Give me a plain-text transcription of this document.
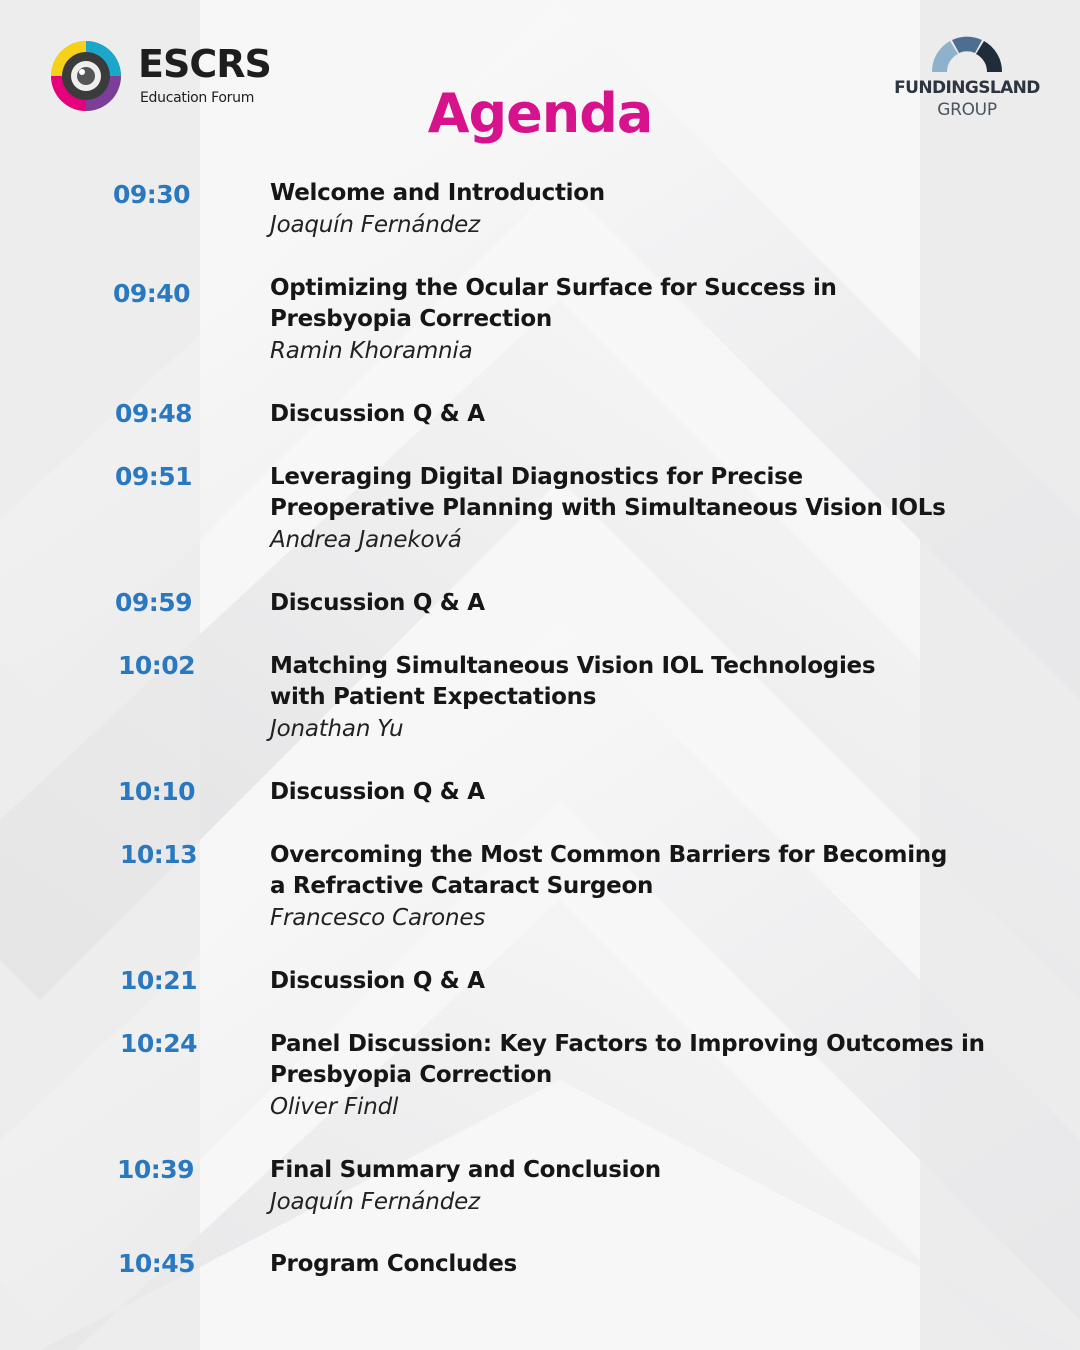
ESCRS
Education Forum	FUNDINGSLAND
GROUP
Agenda
09:30	Welcome and Introduction
Joaquín Fernández
09:40	Optimizing the Ocular Surface for Success in
Presbyopia Correction
Ramin Khoramnia
09:48	Discussion Q & A
09:51	Leveraging Digital Diagnostics for Precise
Preoperative Planning with Simultaneous Vision IOLs
Andrea Janeková
09:59	Discussion Q & A
10:02	Matching Simultaneous Vision IOL Technologies
with Patient Expectations
Jonathan Yu
10:10	Discussion Q & A
10:13	Overcoming the Most Common Barriers for Becoming
a Refractive Cataract Surgeon
Francesco Carones
10:21	Discussion Q & A
10:24	Panel Discussion: Key Factors to Improving Outcomes in
Presbyopia Correction
Oliver Findl
10:39	Final Summary and Conclusion
Joaquín Fernández
10:45	Program Concludes
